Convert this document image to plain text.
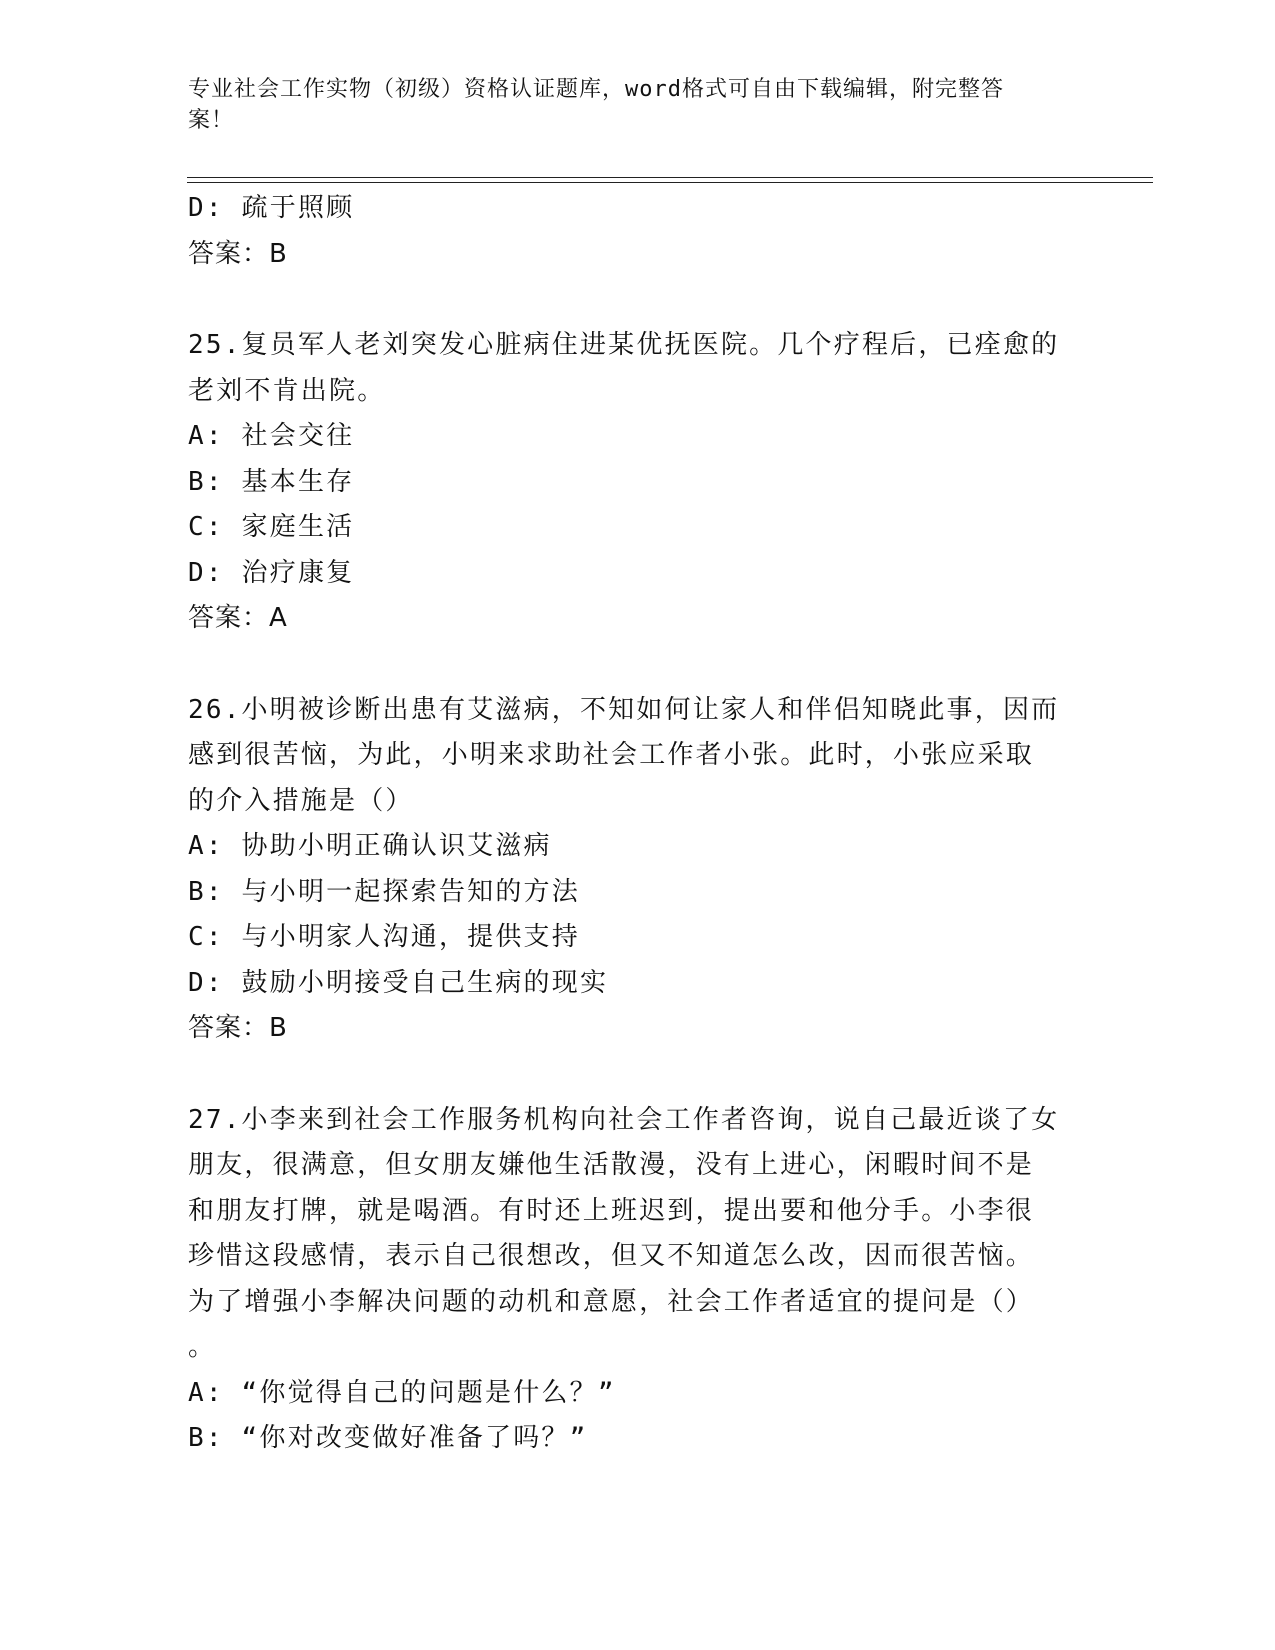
专业社会工作实物（初级）资格认证题库，word格式可自由下载编辑，附完整答
案！
D: 疏于照顾
答案：B
25.复员军人老刘突发心脏病住进某优抚医院。几个疗程后，已痊愈的
老刘不肯出院。
A: 社会交往
B: 基本生存
C: 家庭生活
D: 治疗康复
答案：A
26.小明被诊断出患有艾滋病，不知如何让家人和伴侣知晓此事，因而
感到很苦恼，为此，小明来求助社会工作者小张。此时，小张应采取
的介入措施是（）
A: 协助小明正确认识艾滋病
B: 与小明一起探索告知的方法
C: 与小明家人沟通，提供支持
D: 鼓励小明接受自己生病的现实
答案：B
27.小李来到社会工作服务机构向社会工作者咨询，说自己最近谈了女
朋友，很满意，但女朋友嫌他生活散漫，没有上进心，闲暇时间不是
和朋友打牌，就是喝酒。有时还上班迟到，提出要和他分手。小李很
珍惜这段感情，表示自己很想改，但又不知道怎么改，因而很苦恼。
为了增强小李解决问题的动机和意愿，社会工作者适宜的提问是（）
。
A: “你觉得自己的问题是什么？”
B: “你对改变做好准备了吗？”
